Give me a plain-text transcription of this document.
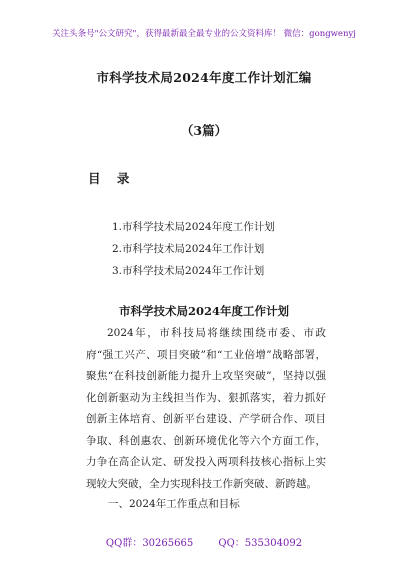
关注头条号"公文研究"，获得最新最全最专业的公文资料库！ 微信：gongwenyj
市科学技术局2024年度工作计划汇编
（3篇）
目 录
1.市科学技术局2024年度工作计划
2.市科学技术局2024年工作计划
3.市科学技术局2024年工作计划
市科学技术局2024年度工作计划

2024年，市科技局将继续围绕市委、市政府“强工兴产、项目突破”和“工业倍增”战略部署，聚焦“在科技创新能力提升上攻坚突破”，坚持以强化创新驱动为主线担当作为、狠抓落实，着力抓好创新主体培育、创新平台建设、产学研合作、项目争取、科创惠农、创新环境优化等六个方面工作，力争在高企认定、研发投入两项科技核心指标上实现较大突破，全力实现科技工作新突破、新跨越。

一、2024年工作重点和目标
QQ群：30265665	QQ：535304092
